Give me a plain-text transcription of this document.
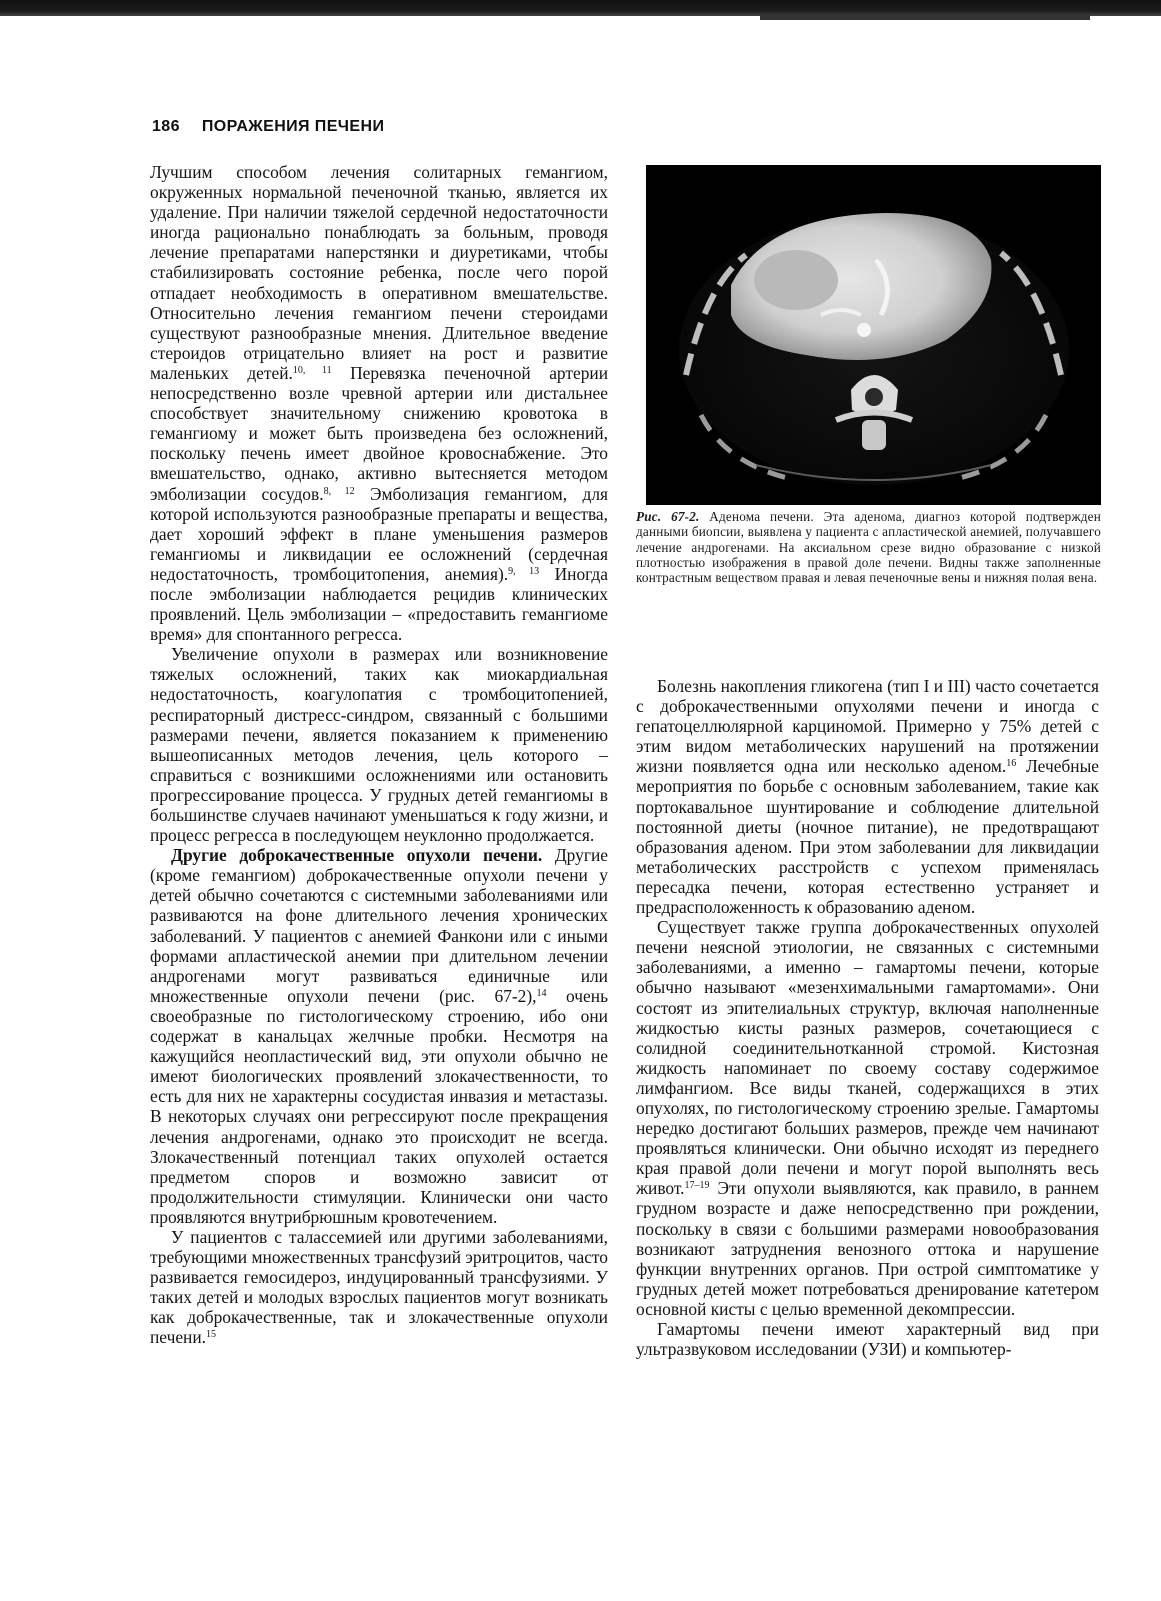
186 ПОРАЖЕНИЯ ПЕЧЕНИ

Лучшим способом лечения солитарных гемангиом, окруженных нормальной печеночной тканью, является их удаление. При наличии тяжелой сердечной недостаточности иногда рационально понаблюдать за больным, проводя лечение препаратами наперстянки и диуретиками, чтобы стабилизировать состояние ребенка, после чего порой отпадает необходимость в оперативном вмешательстве. Относительно лечения гемангиом печени стероидами существуют разнообразные мнения. Длительное введение стероидов отрицательно влияет на рост и развитие маленьких детей.$^{10, 11}$ Перевязка печеночной артерии непосредственно возле чревной артерии или дистальнее способствует значительному снижению кровотока в гемангиому и может быть произведена без осложнений, поскольку печень имеет двойное кровоснабжение. Это вмешательство, однако, активно вытесняется методом эмболизации сосудов.$^{8, 12}$ Эмболизация гемангиом, для которой используются разнообразные препараты и вещества, дает хороший эффект в плане уменьшения размеров гемангиомы и ликвидации ее осложнений (сердечная недостаточность, тромбоцитопения, анемия).$^{9, 13}$ Иногда после эмболизации наблюдается рецидив клинических проявлений. Цель эмболизации – «предоставить гемангиоме время» для спонтанного регресса.

Увеличение опухоли в размерах или возникновение тяжелых осложнений, таких как миокардиальная недостаточность, коагулопатия с тромбоцитопенией, респираторный дистресс-синдром, связанный с большими размерами печени, является показанием к применению вышеописанных методов лечения, цель которого – справиться с возникшими осложнениями или остановить прогрессирование процесса. У грудных детей гемангиомы в большинстве случаев начинают уменьшаться к году жизни, и процесс регресса в последующем неуклонно продолжается.

Другие доброкачественные опухоли печени. Другие (кроме гемангиом) доброкачественные опухоли печени у детей обычно сочетаются с системными заболеваниями или развиваются на фоне длительного лечения хронических заболеваний. У пациентов с анемией Фанкони или с иными формами апластической анемии при длительном лечении андрогенами могут развиваться единичные или множественные опухоли печени (рис. 67-2),$^{14}$ очень своеобразные по гистологическому строению, ибо они содержат в канальцах желчные пробки. Несмотря на кажущийся неопластический вид, эти опухоли обычно не имеют биологических проявлений злокачественности, то есть для них не характерны сосудистая инвазия и метастазы. В некоторых случаях они регрессируют после прекращения лечения андрогенами, однако это происходит не всегда. Злокачественный потенциал таких опухолей остается предметом споров и возможно зависит от продолжительности стимуляции. Клинически они часто проявляются внутрибрюшным кровотечением.

У пациентов с талассемией или другими заболеваниями, требующими множественных трансфузий эритроцитов, часто развивается гемосидероз, индуцированный трансфузиями. У таких детей и молодых взрослых пациентов могут возникать как доброкачественные, так и злокачественные опухоли печени.$^{15}$

Рис. 67-2. Аденома печени. Эта аденома, диагноз которой подтвержден данными биопсии, выявлена у пациента с апластической анемией, получавшего лечение андрогенами. На аксиальном срезе видно образование с низкой плотностью изображения в правой доле печени. Видны также заполненные контрастным веществом правая и левая печеночные вены и нижняя полая вена.

Болезнь накопления гликогена (тип I и III) часто сочетается с доброкачественными опухолями печени и иногда с гепатоцеллюлярной карциномой. Примерно у 75% детей с этим видом метаболических нарушений на протяжении жизни появляется одна или несколько аденом.$^{16}$ Лечебные мероприятия по борьбе с основным заболеванием, такие как портокавальное шунтирование и соблюдение длительной постоянной диеты (ночное питание), не предотвращают образования аденом. При этом заболевании для ликвидации метаболических расстройств с успехом применялась пересадка печени, которая естественно устраняет и предрасположенность к образованию аденом.

Существует также группа доброкачественных опухолей печени неясной этиологии, не связанных с системными заболеваниями, а именно – гамартомы печени, которые обычно называют «мезенхимальными гамартомами». Они состоят из эпителиальных структур, включая наполненные жидкостью кисты разных размеров, сочетающиеся с солидной соединительнотканной стромой. Кистозная жидкость напоминает по своему составу содержимое лимфангиом. Все виды тканей, содержащихся в этих опухолях, по гистологическому строению зрелые. Гамартомы нередко достигают больших размеров, прежде чем начинают проявляться клинически. Они обычно исходят из переднего края правой доли печени и могут порой выполнять весь живот.$^{17-19}$ Эти опухоли выявляются, как правило, в раннем грудном возрасте и даже непосредственно при рождении, поскольку в связи с большими размерами новообразования возникают затруднения венозного оттока и нарушение функции внутренних органов. При острой симптоматике у грудных детей может потребоваться дренирование катетером основной кисты с целью временной декомпрессии.

Гамартомы печени имеют характерный вид при ультразвуковом исследовании (УЗИ) и компьютер-
